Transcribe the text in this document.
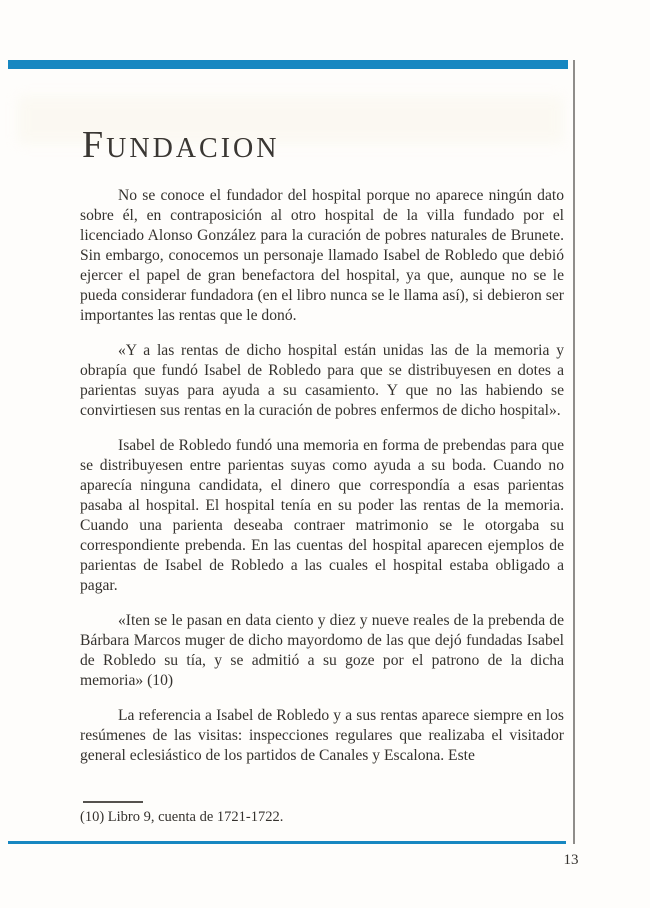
FUNDACION

No se conoce el fundador del hospital porque no aparece ningún dato sobre él, en contraposición al otro hospital de la villa fundado por el licenciado Alonso González para la curación de pobres naturales de Brunete. Sin embargo, conocemos un personaje llamado Isabel de Robledo que debió ejercer el papel de gran benefactora del hospital, ya que, aunque no se le pueda considerar fundadora (en el libro nunca se le llama así), si debieron ser importantes las rentas que le donó.

«Y a las rentas de dicho hospital están unidas las de la memoria y obrapía que fundó Isabel de Robledo para que se distribuyesen en dotes a parientas suyas para ayuda a su casamiento. Y que no las habiendo se convirtiesen sus rentas en la curación de pobres enfermos de dicho hospital».

Isabel de Robledo fundó una memoria en forma de prebendas para que se distribuyesen entre parientas suyas como ayuda a su boda. Cuando no aparecía ninguna candidata, el dinero que correspondía a esas parientas pasaba al hospital. El hospital tenía en su poder las rentas de la memoria. Cuando una parienta deseaba contraer matrimonio se le otorgaba su correspondiente prebenda. En las cuentas del hospital aparecen ejemplos de parientas de Isabel de Robledo a las cuales el hospital estaba obligado a pagar.

«Iten se le pasan en data ciento y diez y nueve reales de la prebenda de Bárbara Marcos muger de dicho mayordomo de las que dejó fundadas Isabel de Robledo su tía, y se admitió a su goze por el patrono de la dicha memoria» (10)

La referencia a Isabel de Robledo y a sus rentas aparece siempre en los resúmenes de las visitas: inspecciones regulares que realizaba el visitador general eclesiástico de los partidos de Canales y Escalona. Este

(10) Libro 9, cuenta de 1721-1722.

13
